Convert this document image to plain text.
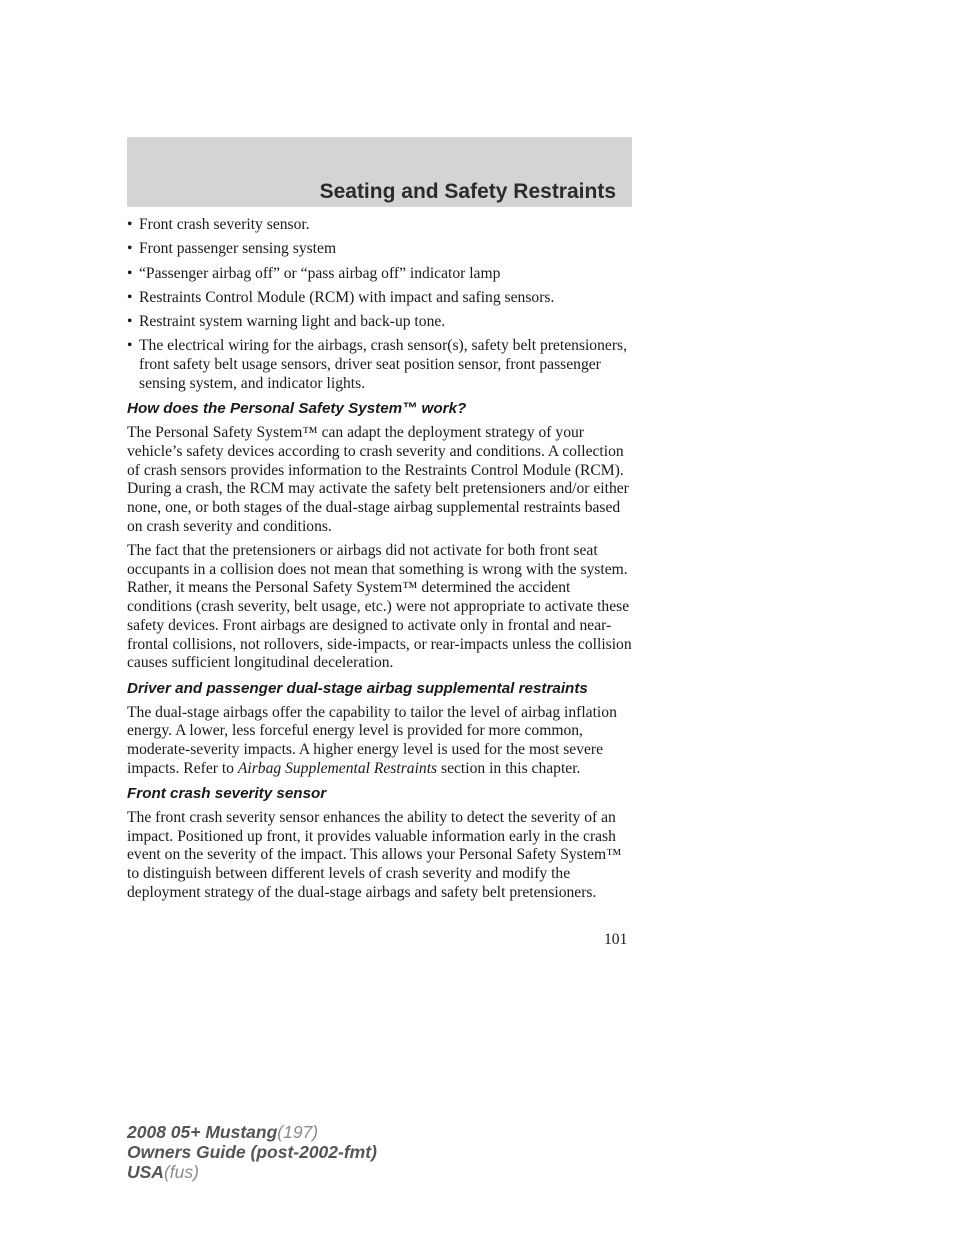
Seating and Safety Restraints
• Front crash severity sensor.
• Front passenger sensing system
• “Passenger airbag off” or “pass airbag off” indicator lamp
• Restraints Control Module (RCM) with impact and safing sensors.
• Restraint system warning light and back-up tone.
• The electrical wiring for the airbags, crash sensor(s), safety belt pretensioners, front safety belt usage sensors, driver seat position sensor, front passenger sensing system, and indicator lights.
How does the Personal Safety System™ work?

The Personal Safety System™ can adapt the deployment strategy of your vehicle’s safety devices according to crash severity and conditions. A collection of crash sensors provides information to the Restraints Control Module (RCM). During a crash, the RCM may activate the safety belt pretensioners and/or either none, one, or both stages of the dual-stage airbag supplemental restraints based on crash severity and conditions.

The fact that the pretensioners or airbags did not activate for both front seat occupants in a collision does not mean that something is wrong with the system. Rather, it means the Personal Safety System™ determined the accident conditions (crash severity, belt usage, etc.) were not appropriate to activate these safety devices. Front airbags are designed to activate only in frontal and near-frontal collisions, not rollovers, side-impacts, or rear-impacts unless the collision causes sufficient longitudinal deceleration.

Driver and passenger dual-stage airbag supplemental restraints

The dual-stage airbags offer the capability to tailor the level of airbag inflation energy. A lower, less forceful energy level is provided for more common, moderate-severity impacts. A higher energy level is used for the most severe impacts. Refer to Airbag Supplemental Restraints section in this chapter.

Front crash severity sensor

The front crash severity sensor enhances the ability to detect the severity of an impact. Positioned up front, it provides valuable information early in the crash event on the severity of the impact. This allows your Personal Safety System™ to distinguish between different levels of crash severity and modify the deployment strategy of the dual-stage airbags and safety belt pretensioners.

101
2008 05+ Mustang(197)
Owners Guide (post-2002-fmt)
USA(fus)
